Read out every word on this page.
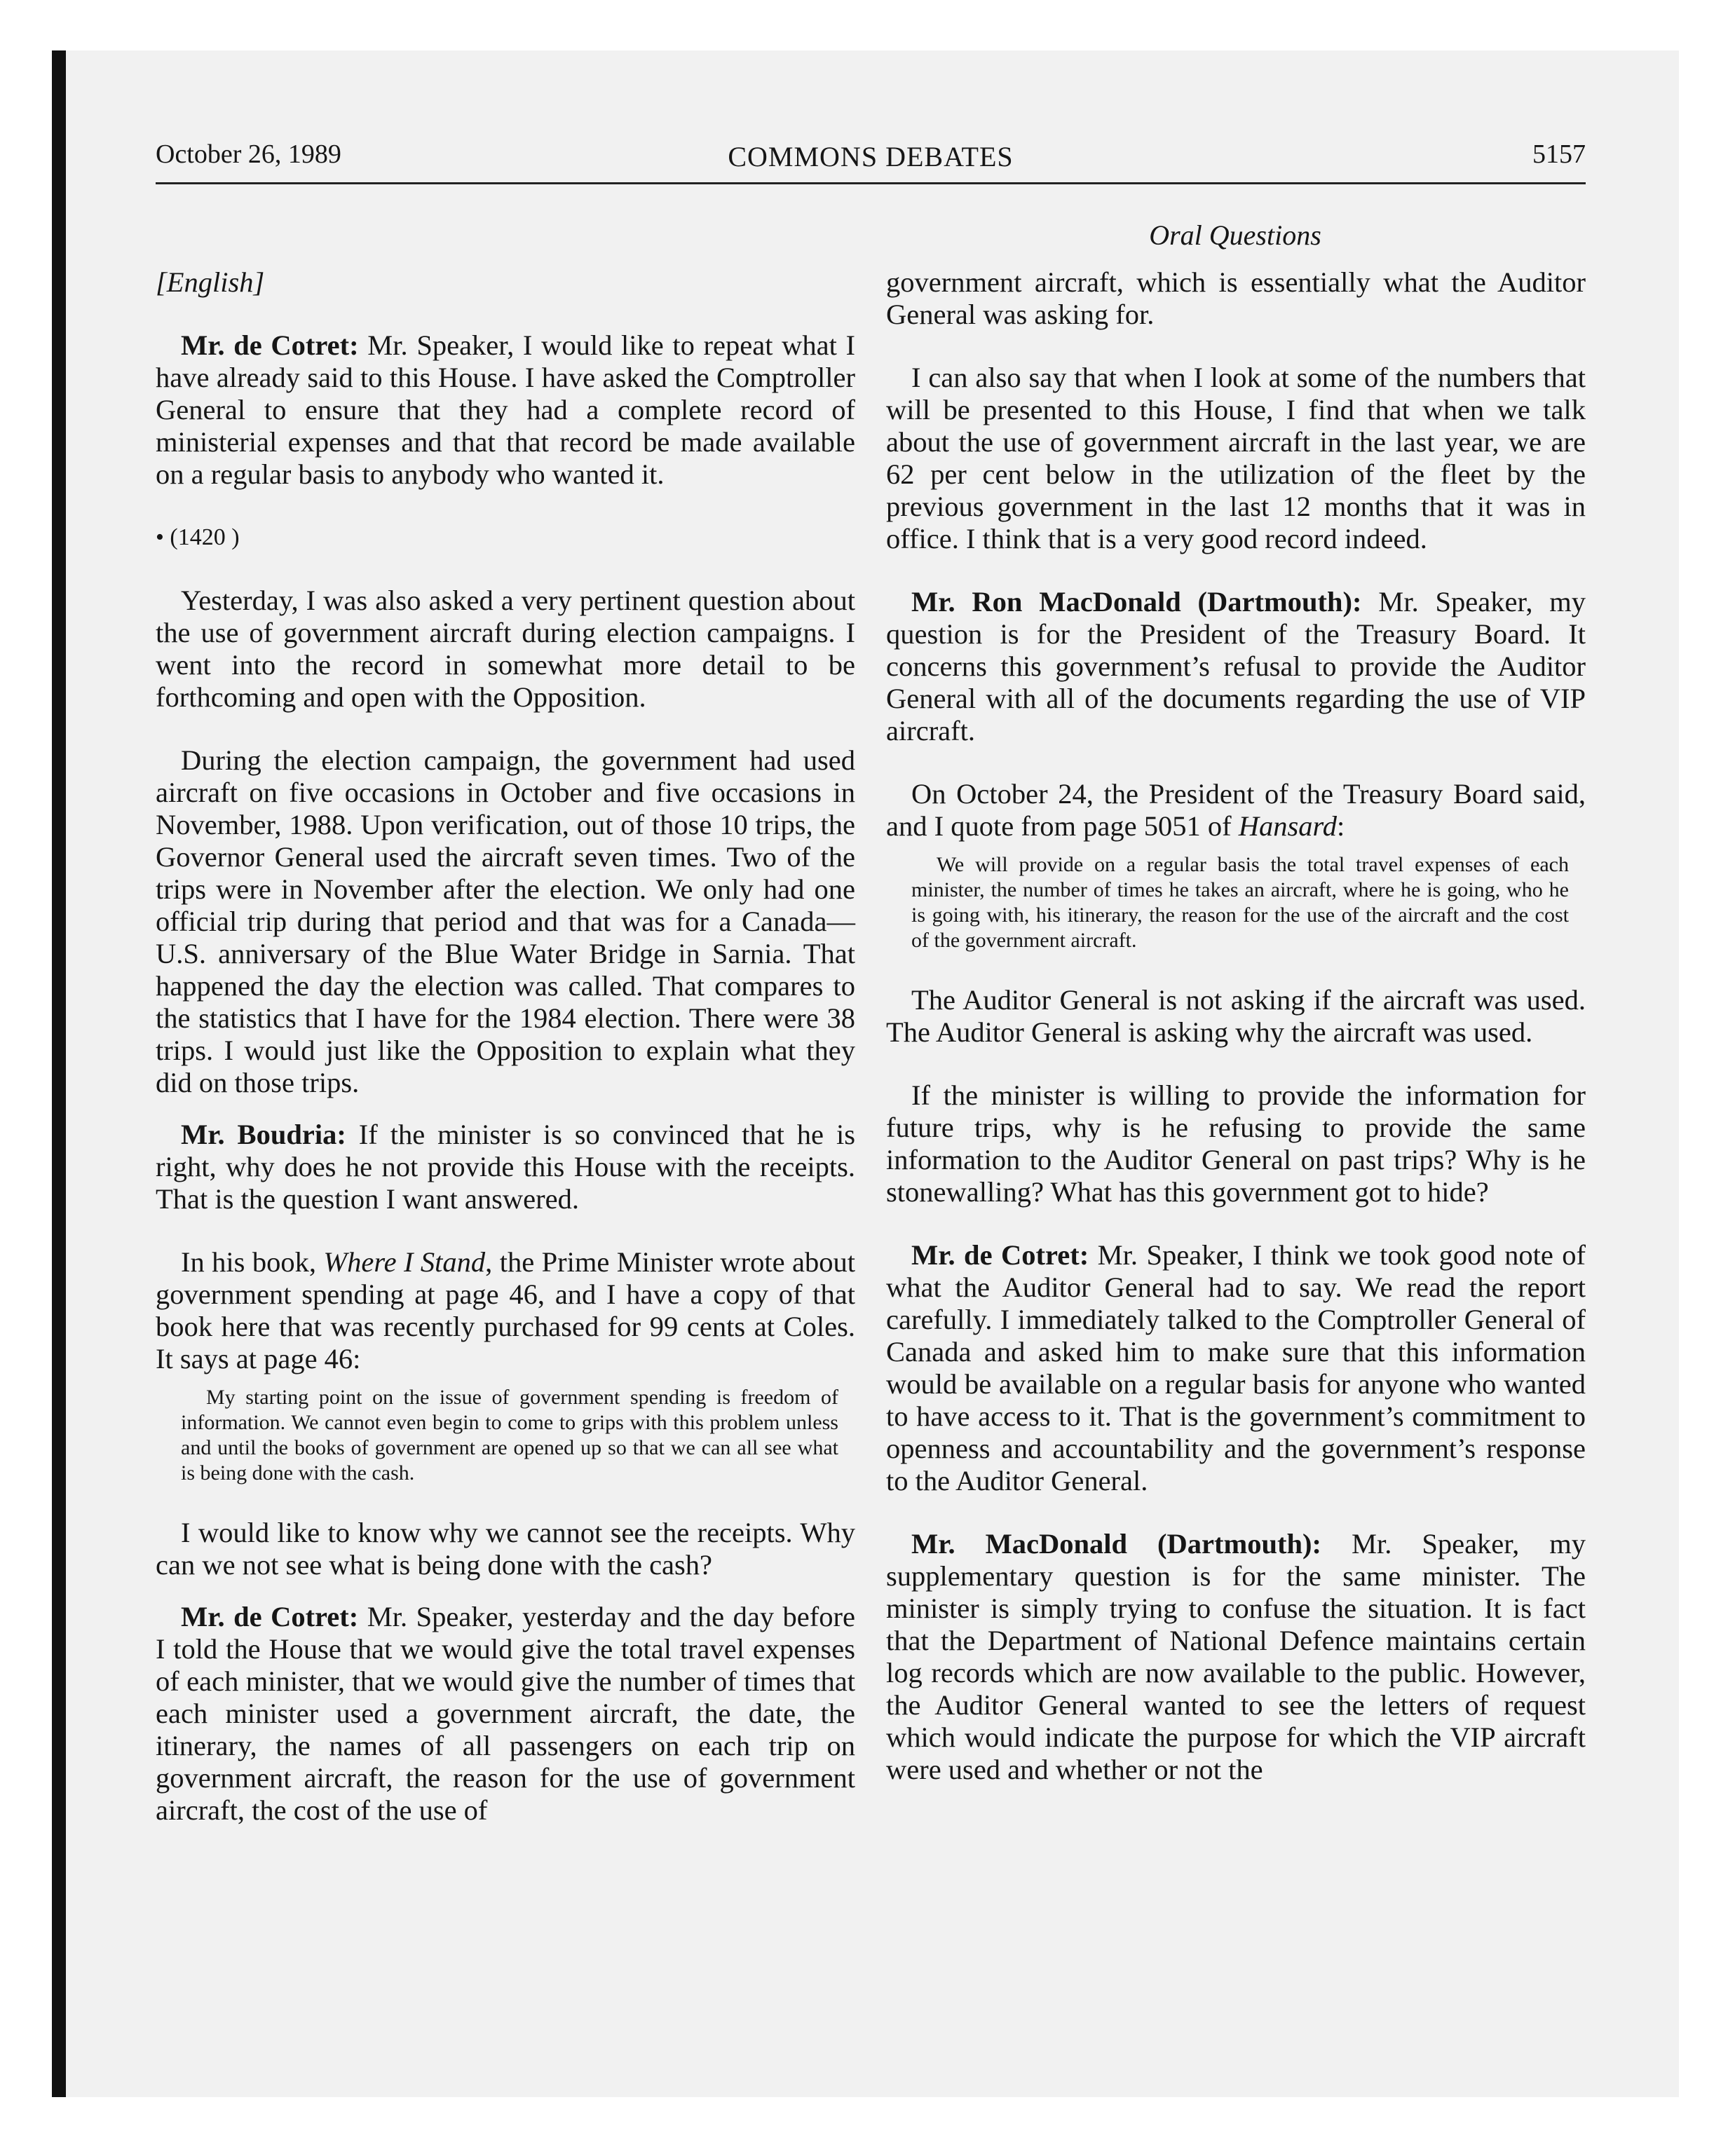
October 26, 1989	COMMONS DEBATES	5157
Oral Questions

[English]

Mr. de Cotret: Mr. Speaker, I would like to repeat what I have already said to this House. I have asked the Comptroller General to ensure that they had a complete record of ministerial expenses and that that record be made available on a regular basis to anybody who wanted it.

• (1420 )

Yesterday, I was also asked a very pertinent question about the use of government aircraft during election campaigns. I went into the record in somewhat more detail to be forthcoming and open with the Opposition.

During the election campaign, the government had used aircraft on five occasions in October and five occasions in November, 1988. Upon verification, out of those 10 trips, the Governor General used the aircraft seven times. Two of the trips were in November after the election. We only had one official trip during that period and that was for a Canada—U.S. anniversary of the Blue Water Bridge in Sarnia. That happened the day the election was called. That compares to the statistics that I have for the 1984 election. There were 38 trips. I would just like the Opposition to explain what they did on those trips.

Mr. Boudria: If the minister is so convinced that he is right, why does he not provide this House with the receipts. That is the question I want answered.

In his book, Where I Stand, the Prime Minister wrote about government spending at page 46, and I have a copy of that book here that was recently purchased for 99 cents at Coles. It says at page 46:

My starting point on the issue of government spending is freedom of information. We cannot even begin to come to grips with this problem unless and until the books of government are opened up so that we can all see what is being done with the cash.

I would like to know why we cannot see the receipts. Why can we not see what is being done with the cash?

Mr. de Cotret: Mr. Speaker, yesterday and the day before I told the House that we would give the total travel expenses of each minister, that we would give the number of times that each minister used a government aircraft, the date, the itinerary, the names of all passengers on each trip on government aircraft, the reason for the use of government aircraft, the cost of the use of

government aircraft, which is essentially what the Auditor General was asking for.

I can also say that when I look at some of the numbers that will be presented to this House, I find that when we talk about the use of government aircraft in the last year, we are 62 per cent below in the utilization of the fleet by the previous government in the last 12 months that it was in office. I think that is a very good record indeed.

Mr. Ron MacDonald (Dartmouth): Mr. Speaker, my question is for the President of the Treasury Board. It concerns this government’s refusal to provide the Auditor General with all of the documents regarding the use of VIP aircraft.

On October 24, the President of the Treasury Board said, and I quote from page 5051 of Hansard:

We will provide on a regular basis the total travel expenses of each minister, the number of times he takes an aircraft, where he is going, who he is going with, his itinerary, the reason for the use of the aircraft and the cost of the government aircraft.

The Auditor General is not asking if the aircraft was used. The Auditor General is asking why the aircraft was used.

If the minister is willing to provide the information for future trips, why is he refusing to provide the same information to the Auditor General on past trips? Why is he stonewalling? What has this government got to hide?

Mr. de Cotret: Mr. Speaker, I think we took good note of what the Auditor General had to say. We read the report carefully. I immediately talked to the Comptroller General of Canada and asked him to make sure that this information would be available on a regular basis for anyone who wanted to have access to it. That is the government’s commitment to openness and accountability and the government’s response to the Auditor General.

Mr. MacDonald (Dartmouth): Mr. Speaker, my supplementary question is for the same minister. The minister is simply trying to confuse the situation. It is fact that the Department of National Defence maintains certain log records which are now available to the public. However, the Auditor General wanted to see the letters of request which would indicate the purpose for which the VIP aircraft were used and whether or not the
